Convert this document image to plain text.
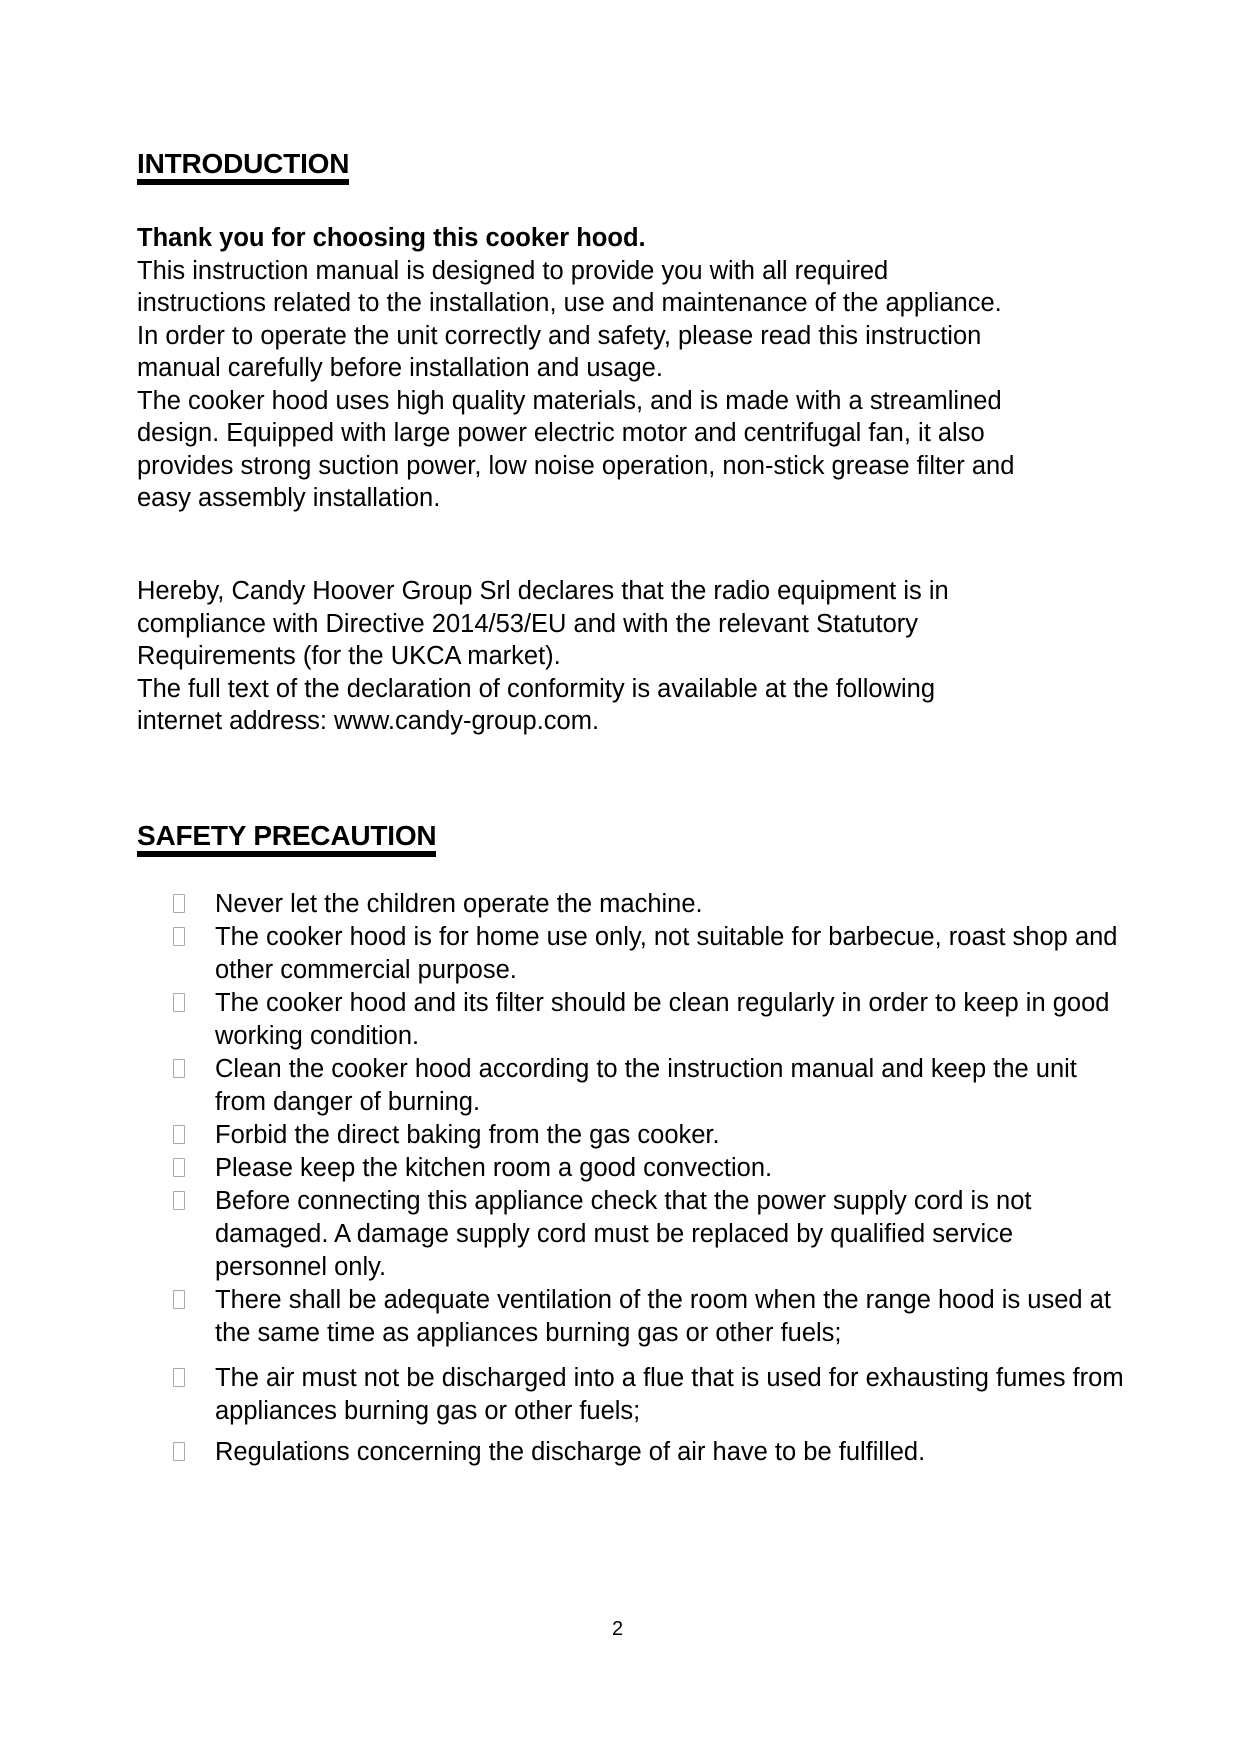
INTRODUCTION

Thank you for choosing this cooker hood.

This instruction manual is designed to provide you with all required

instructions related to the installation, use and maintenance of the appliance.

In order to operate the unit correctly and safety, please read this instruction

manual carefully before installation and usage.

The cooker hood uses high quality materials, and is made with a streamlined

design. Equipped with large power electric motor and centrifugal fan, it also

provides strong suction power, low noise operation, non-stick grease filter and

easy assembly installation.

Hereby, Candy Hoover Group Srl declares that the radio equipment is in

compliance with Directive 2014/53/EU and with the relevant Statutory

Requirements (for the UKCA market).

The full text of the declaration of conformity is available at the following

internet address: www.candy-group.com.

SAFETY PRECAUTION
Never let the children operate the machine.
The cooker hood is for home use only, not suitable for barbecue, roast shop and other commercial purpose.
The cooker hood and its filter should be clean regularly in order to keep in good working condition.
Clean the cooker hood according to the instruction manual and keep the unit from danger of burning.
Forbid the direct baking from the gas cooker.
Please keep the kitchen room a good convection.
Before connecting this appliance check that the power supply cord is not damaged. A damage supply cord must be replaced by qualified service personnel only.
There shall be adequate ventilation of the room when the range hood is used at the same time as appliances burning gas or other fuels;
The air must not be discharged into a flue that is used for exhausting fumes from appliances burning gas or other fuels;
Regulations concerning the discharge of air have to be fulfilled.
2
